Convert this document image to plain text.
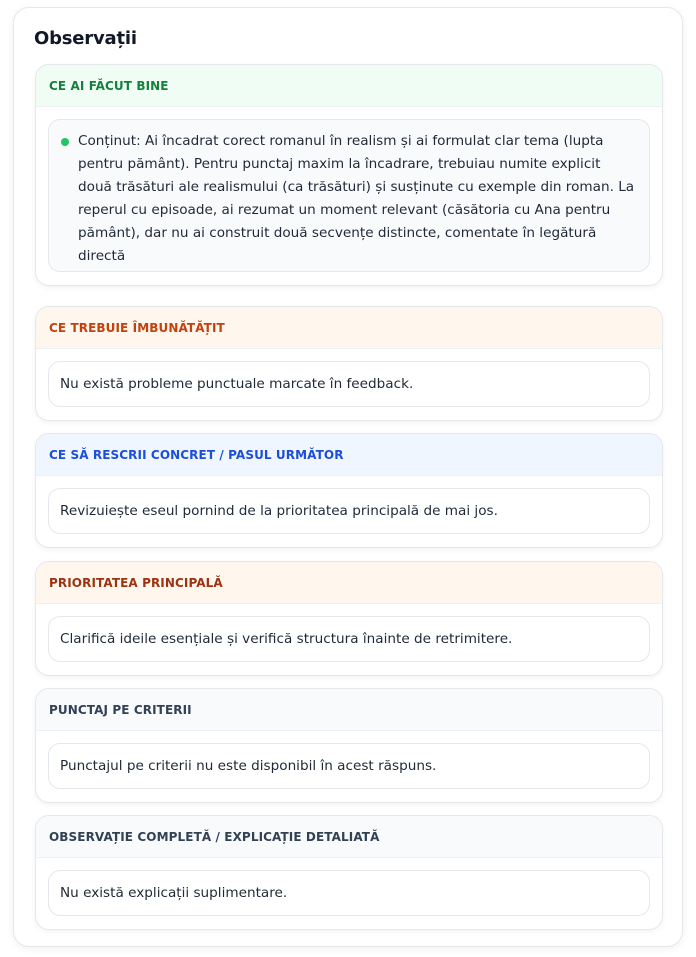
Observații
CE AI FĂCUT BINE
Conținut: Ai încadrat corect romanul în realism și ai formulat clar tema (lupta pentru pământ). Pentru punctaj maxim la încadrare, trebuiau numite explicit două trăsături ale realismului (ca trăsături) și susținute cu exemple din roman. La reperul cu episoade, ai rezumat un moment relevant (căsătoria cu Ana pentru pământ), dar nu ai construit două secvențe distincte, comentate în legătură directă
CE TREBUIE ÎMBUNĂTĂȚIT
Nu există probleme punctuale marcate în feedback.
CE SĂ RESCRII CONCRET / PASUL URMĂTOR
Revizuiește eseul pornind de la prioritatea principală de mai jos.
PRIORITATEA PRINCIPALĂ
Clarifică ideile esențiale și verifică structura înainte de retrimitere.
PUNCTAJ PE CRITERII
Punctajul pe criterii nu este disponibil în acest răspuns.
OBSERVAȚIE COMPLETĂ / EXPLICAȚIE DETALIATĂ
Nu există explicații suplimentare.
